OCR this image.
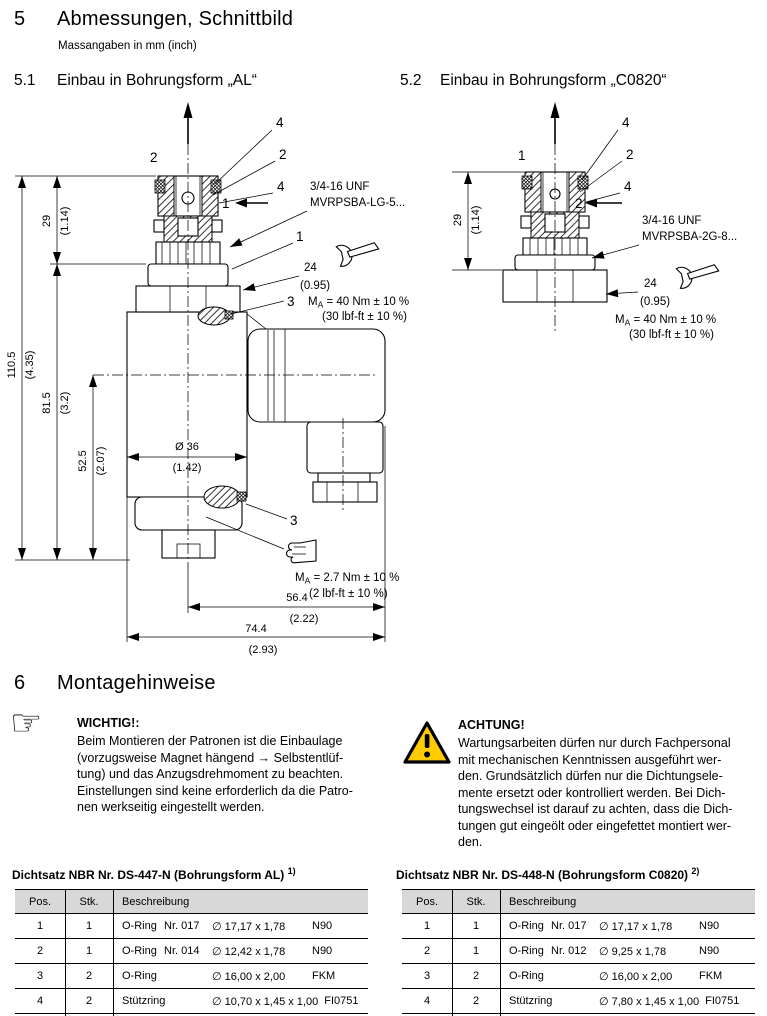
5 Abmessungen, Schnittbild
Massangaben in mm (inch)
5.1 Einbau in Bohrungsform „AL“	5.2 Einbau in Bohrungsform „C0820“
110.5 (4.35)
29 (1.14)
81.5 (3.2)
52.5 (2.07)	Ø 36
(1.42)
56.4
(2.22)
74.4
(2.93)
2
4
2
4
1
3/4-16 UNF
MVRPSBA-LG-5...
1
24
(0.95)
3 $M_A = 40$ Nm ± 10 %
(30 lbf-ft ± 10 %)
3
$M_A = 2.7$ Nm ± 10 %
(2 lbf-ft ± 10 %)
29 (1.14)
1
4
2
4
2
3/4-16 UNF
MVRPSBA-2G-8...
24
(0.95)
$M_A = 40$ Nm ± 10 %
(30 lbf-ft ± 10 %)
6 Montagehinweise
☞	WICHTIG!:
Beim Montieren der Patronen ist die Einbaulage
(vorzugsweise Magnet hängend → Selbstentlüf-
tung) und das Anzugsdrehmoment zu beachten.
Einstellungen sind keine erforderlich da die Patro-
nen werkseitig eingestellt werden.
ACHTUNG!
Wartungsarbeiten dürfen nur durch Fachpersonal
mit mechanischen Kenntnissen ausgeführt wer-
den. Grundsätzlich dürfen nur die Dichtungsele-
mente ersetzt oder kontrolliert werden. Bei Dich-
tungswechsel ist darauf zu achten, dass die Dich-
tungen gut eingeölt oder eingefettet montiert wer-
den.
Dichtsatz NBR Nr. DS-447-N (Bohrungsform AL) $^{1)}$	Dichtsatz NBR Nr. DS-448-N (Bohrungsform C0820) $^{2)}$
Pos.	Stk.	Beschreibung
1	1	O-Ring Nr. 017	∅ 17,17 x 1,78	N90
2	1	O-Ring Nr. 014	∅ 12,42 x 1,78	N90
3	2	O-Ring	∅ 16,00 x 2,00	FKM
4	2	Stützring	∅ 10,70 x 1,45 x 1,00 FI0751
Pos.	Stk.	Beschreibung
1	1	O-Ring Nr. 017	∅ 17,17 x 1,78	N90
2	1	O-Ring Nr. 012	∅ 9,25 x 1,78	N90
3	2	O-Ring	∅ 16,00 x 2,00	FKM
4	2	Stützring	∅ 7,80 x 1,45 x 1,00 FI0751
